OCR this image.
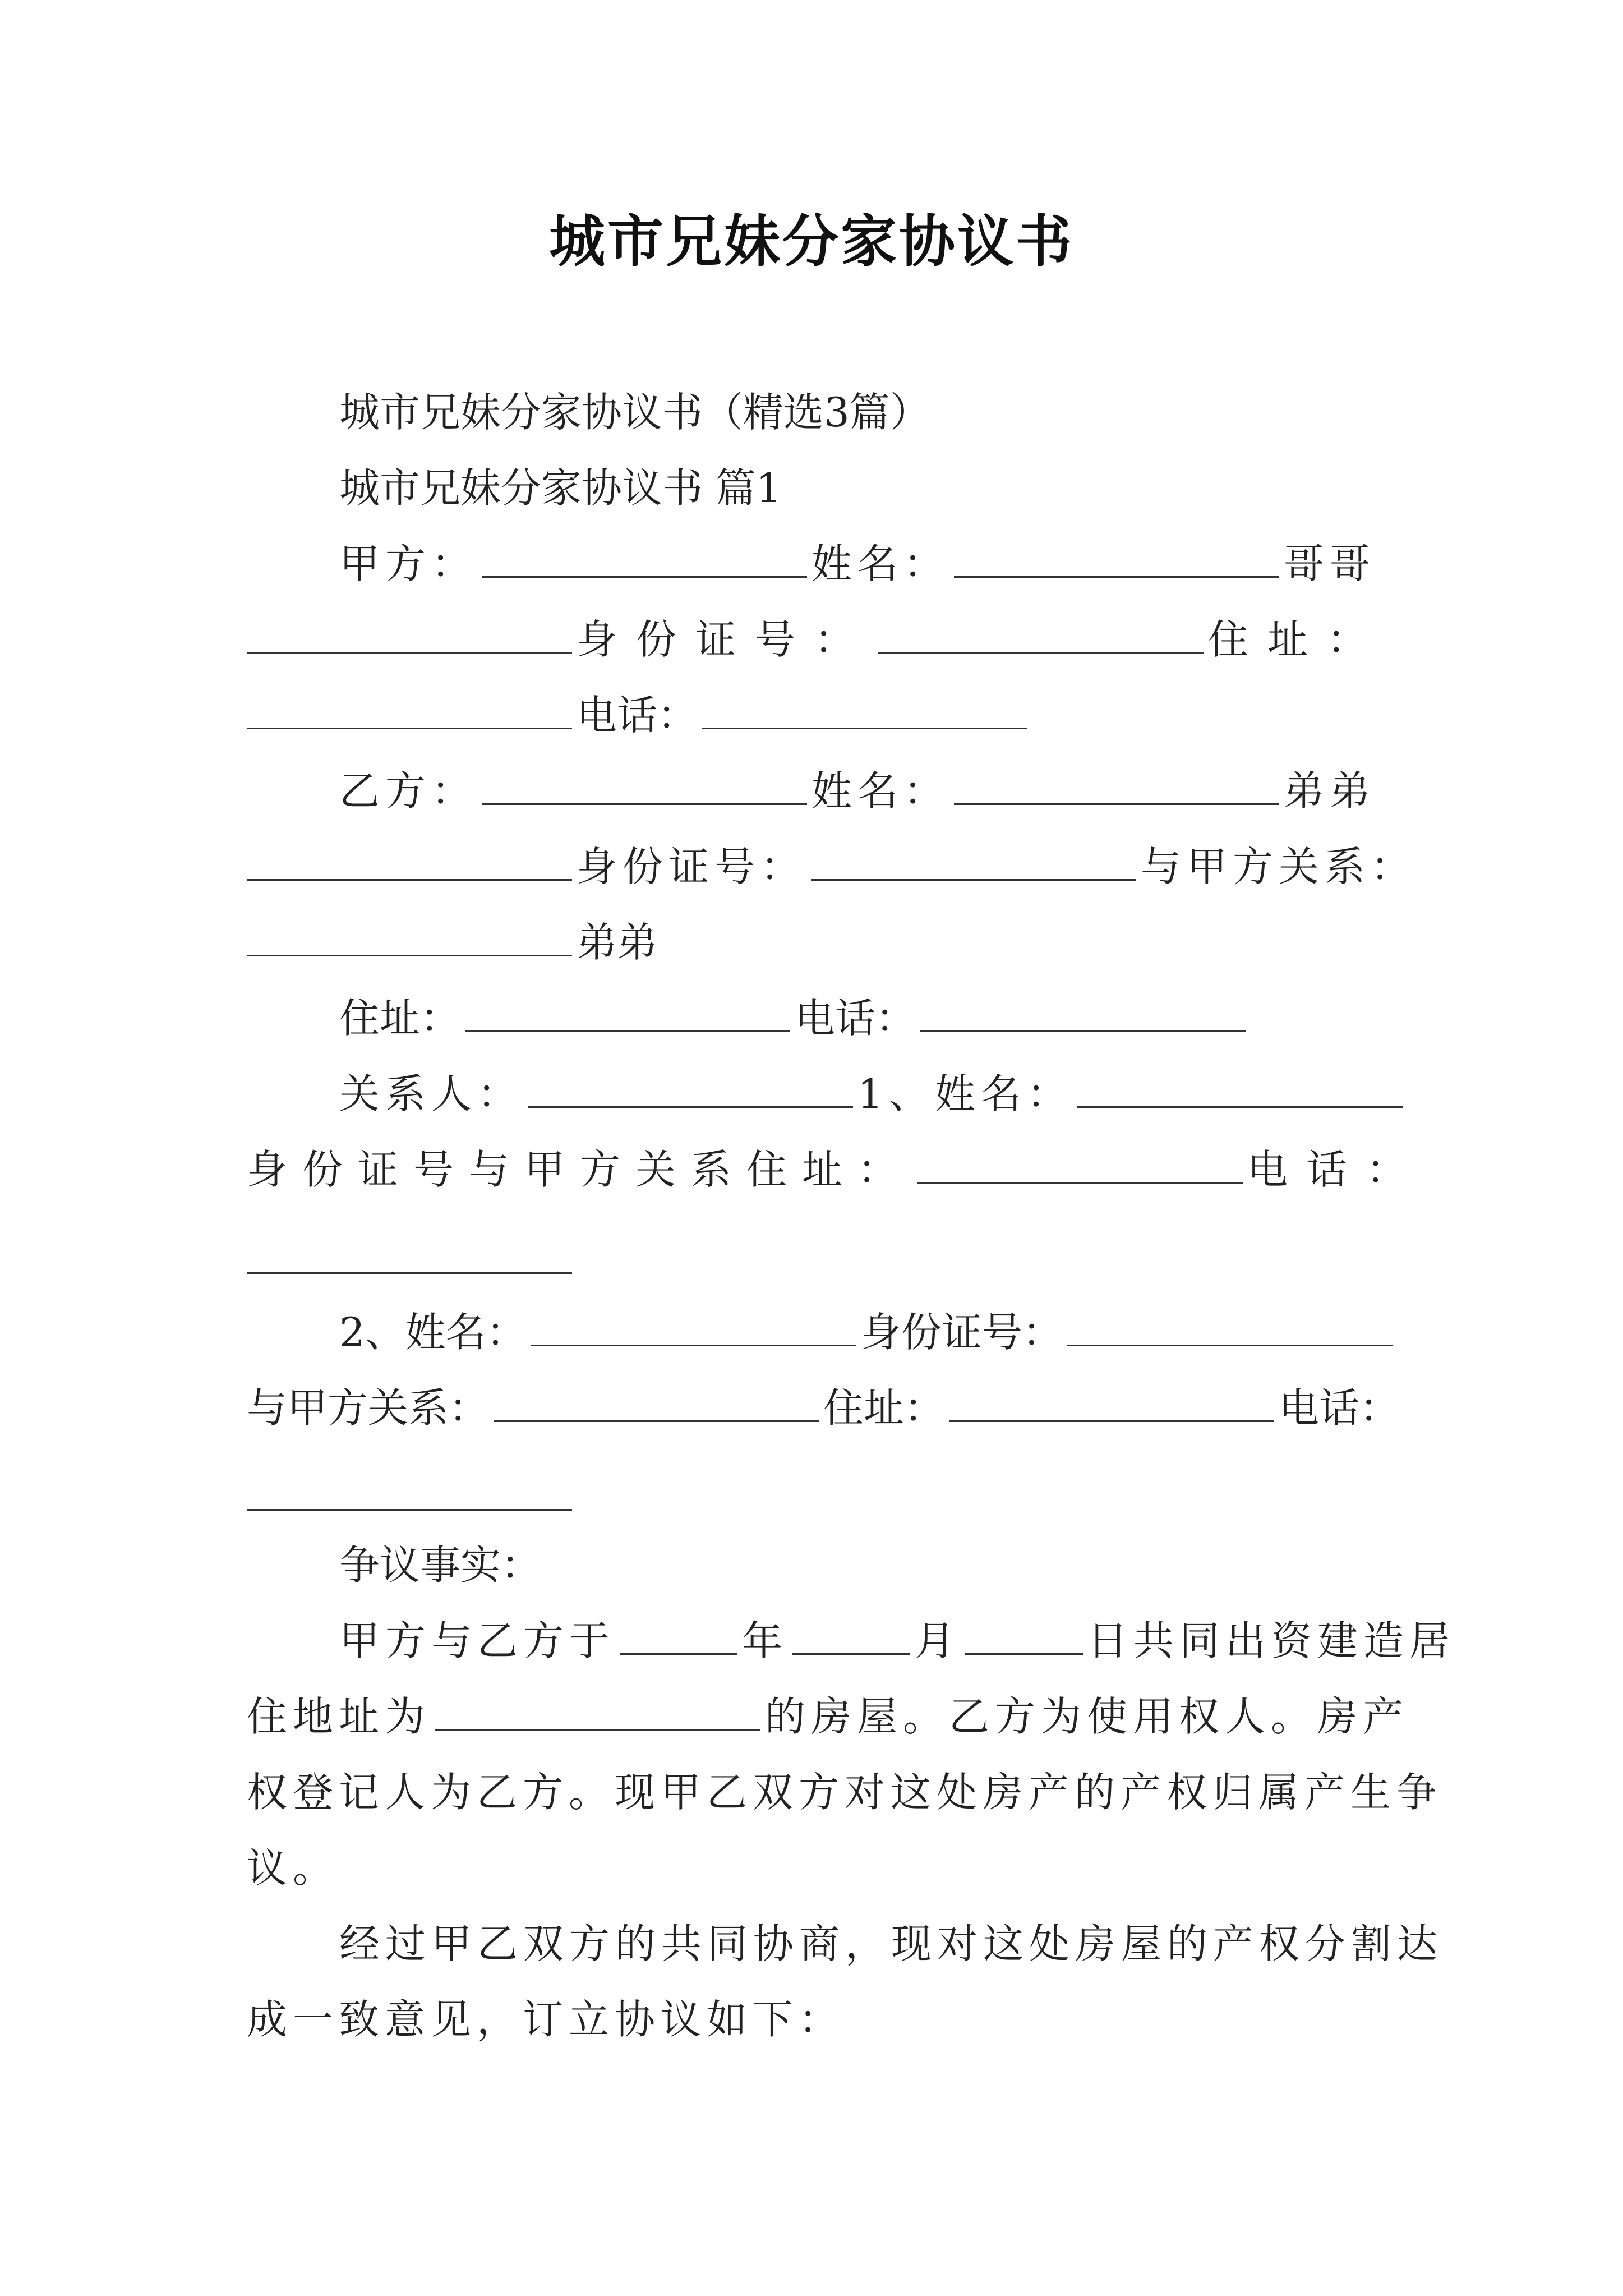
城市兄妹分家协议书
城市兄妹分家协议书（精选3篇）
城市兄妹分家协议书 篇1
甲方：	姓名：	哥哥
身份证号：	住址：
电话：
乙方：	姓名：	弟弟
身份证号：	与甲方关系：
弟弟
住址：	电话：
关系人：	1、姓名：
身份证号与甲方关系住址：	电话：
2、姓名：	身份证号：
与甲方关系：	住址：	电话：
争议事实：
甲方与乙方于	年	月	日共同出资建造居
住地址为	的房屋。乙方为使用权人。房产
权登记人为乙方。现甲乙双方对这处房产的产权归属产生争
议。
经过甲乙双方的共同协商，现对这处房屋的产权分割达
成一致意见，订立协议如下：
